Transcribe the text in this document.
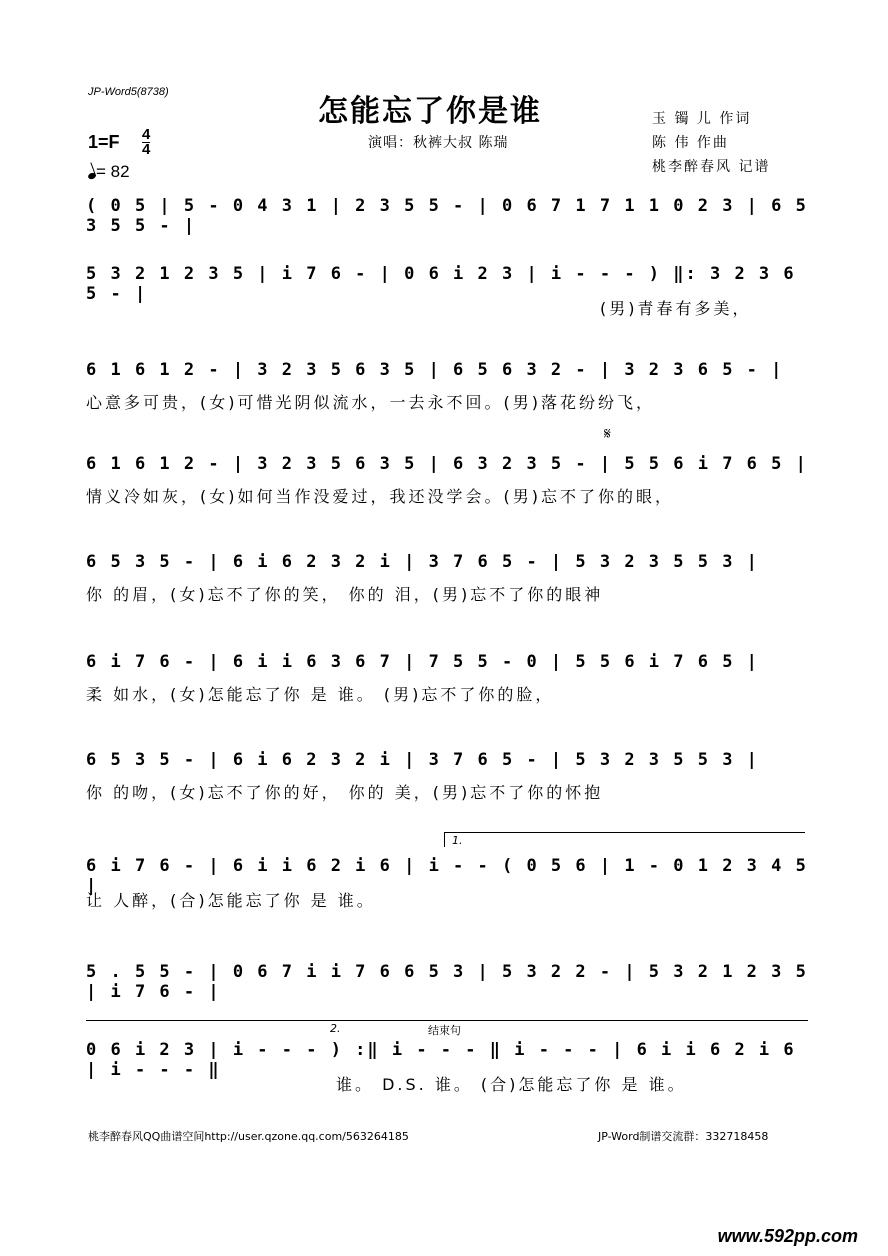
JP-Word5(8738)
怎能忘了你是谁
演唱：秋裤大叔 陈瑞
玉 镯 儿 作词
陈 伟 作曲
桃李醉春风 记谱
1=F 4
4
= 82
( 0 5 | 5 - 0 4 3 1 | 2 3 5 5 - | 0 6 7 1 7 1 1 0 2 3 | 6 5 3 5 5 - |
5 3 2 1 2 3 5 | i 7 6 - | 0 6 i 2 3 | i - - - ) ‖: 3 2 3 6 5 - |
(男)青春有多美，
6 1 6 1 2 - | 3 2 3 5 6 3 5 | 6 5 6 3 2 - | 3 2 3 6 5 - |
心意多可贵，(女)可惜光阴似流水，一去永不回。(男)落花纷纷飞，
𝄋
6 1 6 1 2 - | 3 2 3 5 6 3 5 | 6 3 2 3 5 - | 5 5 6 i 7 6 5 |
情义冷如灰，(女)如何当作没爱过，我还没学会。(男)忘不了你的眼，
6 5 3 5 - | 6 i 6 2 3 2 i | 3 7 6 5 - | 5 3 2 3 5 5 3 |
你 的眉，(女)忘不了你的笑， 你的 泪，(男)忘不了你的眼神
6 i 7 6 - | 6 i i 6 3 6 7 | 7 5 5 - 0 | 5 5 6 i 7 6 5 |
柔 如水，(女)怎能忘了你 是 谁。 (男)忘不了你的脸，
6 5 3 5 - | 6 i 6 2 3 2 i | 3 7 6 5 - | 5 3 2 3 5 5 3 |
你 的吻，(女)忘不了你的好， 你的 美，(男)忘不了你的怀抱
1.
6 i 7 6 - | 6 i i 6 2 i 6 | i - - ( 0 5 6 | 1 - 0 1 2 3 4 5 |
让 人醉，(合)怎能忘了你 是 谁。
5 . 5 5 - | 0 6 7 i i 7 6 6 5 3 | 5 3 2 2 - | 5 3 2 1 2 3 5 | i 7 6 - |
2.	结束句
0 6 i 2 3 | i - - - ) :‖ i - - - ‖ i - - - | 6 i i 6 2 i 6 | i - - - ‖
谁。 D.S. 谁。 (合)怎能忘了你 是 谁。
桃李醉春风QQ曲谱空间http://user.qzone.qq.com/563264185	JP-Word制谱交流群：332718458
www.592pp.com
